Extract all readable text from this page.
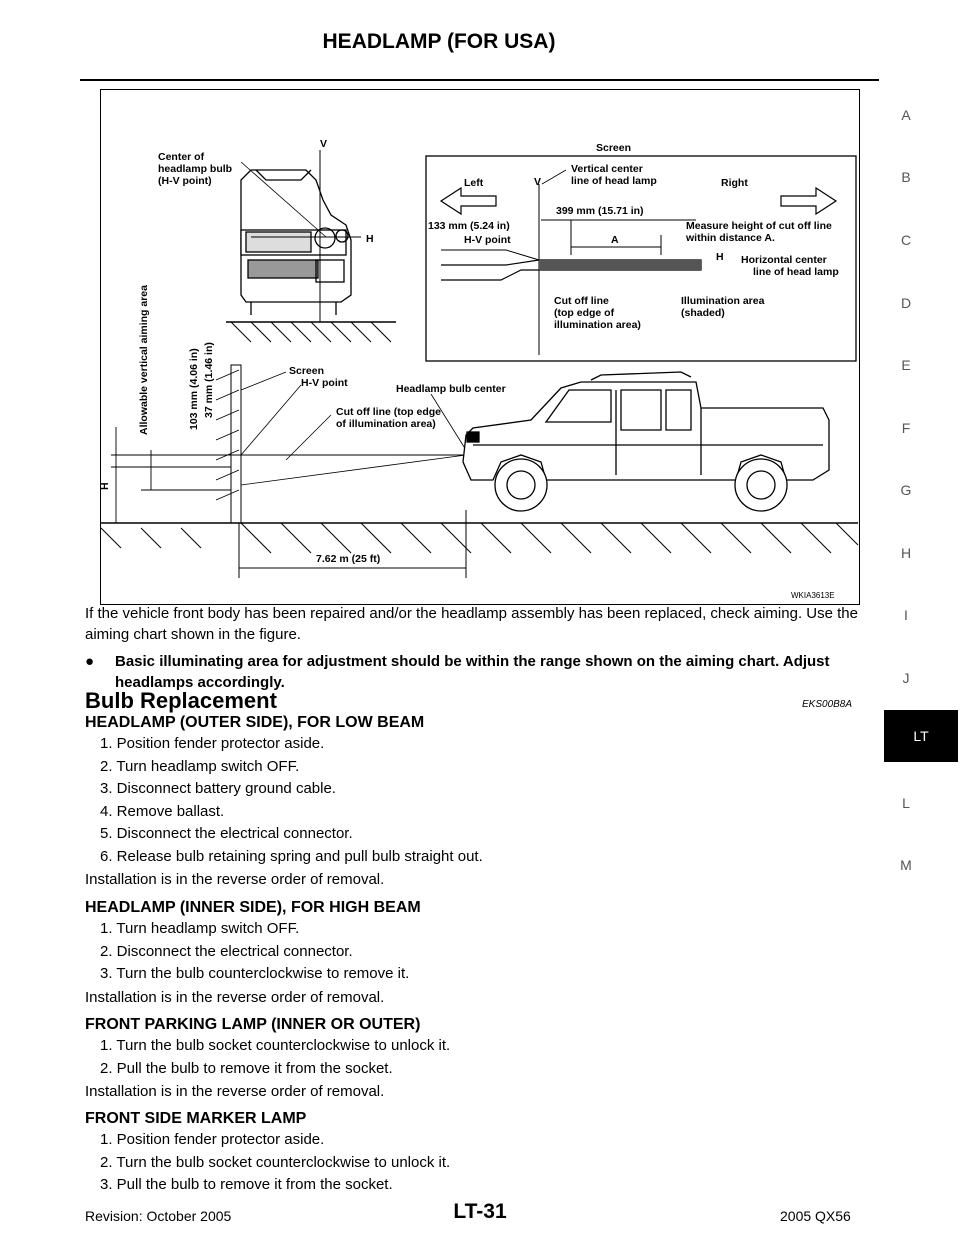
HEADLAMP (FOR USA)
Center of
headlamp bulb
(H-V point)
V
H
Screen
Left	Right
V
Vertical center
line of head lamp
399 mm (15.71 in)
133 mm (5.24 in)
H-V point	A
Measure height of cut off line
within distance A.
H Horizontal center
line of head lamp
Cut off line
(top edge of
illumination area)
Illumination area
(shaded)
Allowable vertical aiming area	103 mm (4.06 in) 37 mm (1.46 in)
H
Screen
H-V point	Headlamp bulb center
Cut off line (top edge
of illumination area)
7.62 m (25 ft)
WKIA3613E
If the vehicle front body has been repaired and/or the headlamp assembly has been replaced, check aiming. Use the aiming chart shown in the figure.
●	Basic illuminating area for adjustment should be within the range shown on the aiming chart. Adjust headlamps accordingly.
Bulb Replacement	EKS00B8A
HEADLAMP (OUTER SIDE), FOR LOW BEAM
1. Position fender protector aside.
2. Turn headlamp switch OFF.
3. Disconnect battery ground cable.
4. Remove ballast.
5. Disconnect the electrical connector.
6. Release bulb retaining spring and pull bulb straight out.
Installation is in the reverse order of removal.
HEADLAMP (INNER SIDE), FOR HIGH BEAM
1. Turn headlamp switch OFF.
2. Disconnect the electrical connector.
3. Turn the bulb counterclockwise to remove it.
Installation is in the reverse order of removal.
FRONT PARKING LAMP (INNER OR OUTER)
1. Turn the bulb socket counterclockwise to unlock it.
2. Pull the bulb to remove it from the socket.
Installation is in the reverse order of removal.
FRONT SIDE MARKER LAMP
1. Position fender protector aside.
2. Turn the bulb socket counterclockwise to unlock it.
3. Pull the bulb to remove it from the socket.
A
B
C
D
E
F
G
H
I
J
LT
L
M
Revision: October 2005	LT-31	2005 QX56
